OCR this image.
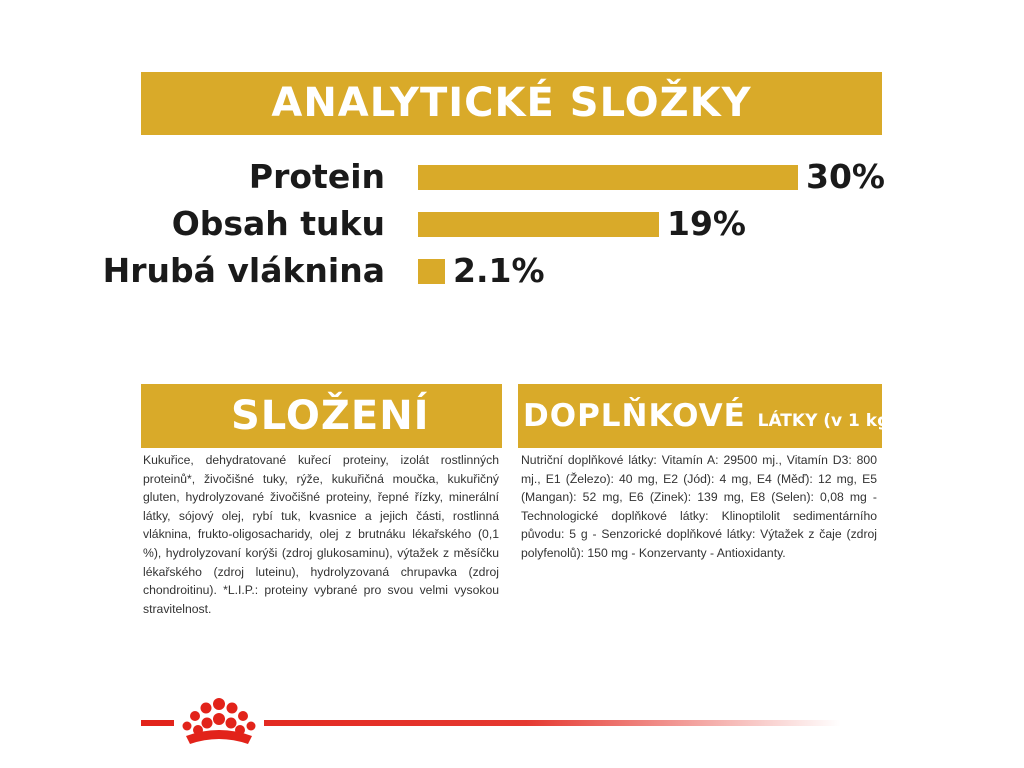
ANALYTICKÉ SLOŽKY
Protein	30%
Obsah tuku	19%
Hrubá vláknina 2.1%
SLOŽENÍ	DOPLŇKOVÉ LÁTKY (v 1 kg)
Kukuřice, dehydratované kuřecí proteiny, izolát rostlinných proteinů*, živočišné tuky, rýže, kukuřičná moučka, kukuřičný gluten, hydrolyzované živočišné proteiny, řepné řízky, minerální látky, sójový olej, rybí tuk, kvasnice a jejich části, rostlinná vláknina, frukto-oligosacharidy, olej z brutnáku lékařského (0,1 %), hydrolyzovaní korýši (zdroj glukosaminu), výtažek z měsíčku lékařského (zdroj luteinu), hydrolyzovaná chrupavka (zdroj chondroitinu). *L.I.P.: proteiny vybrané pro svou velmi vysokou stravitelnost.
Nutriční doplňkové látky: Vitamín A: 29500 mj., Vitamín D3: 800 mj., E1 (Železo): 40 mg, E2 (Jód): 4 mg, E4 (Měď): 12 mg, E5 (Mangan): 52 mg, E6 (Zinek): 139 mg, E8 (Selen): 0,08 mg - Technologické doplňkové látky: Klinoptilolit sedimentárního původu: 5 g - Senzorické doplňkové látky: Výtažek z čaje (zdroj polyfenolů): 150 mg - Konzervanty - Antioxidanty.
